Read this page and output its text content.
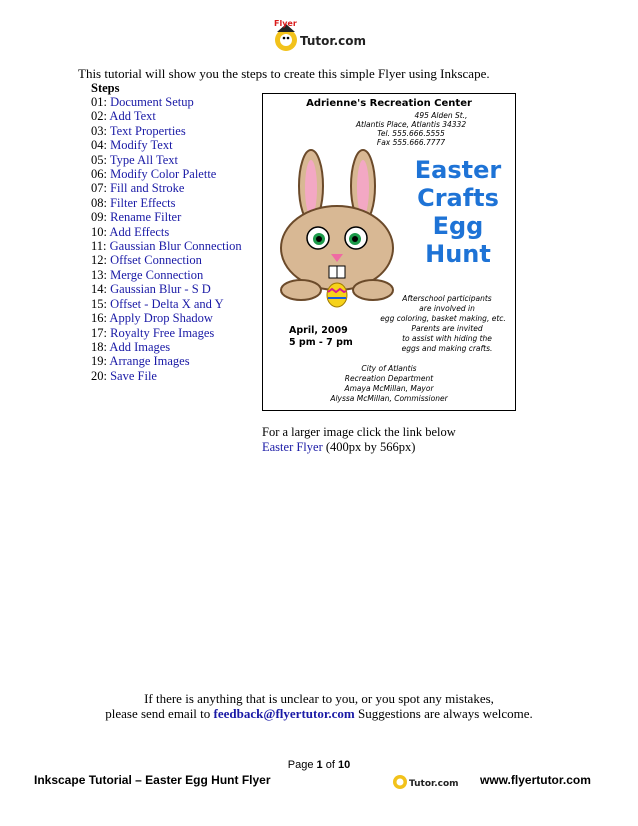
Flyer
Tutor.com
This tutorial will show you the steps to create this simple Flyer using Inkscape.
Steps
01: Document Setup
02: Add Text
03: Text Properties
04: Modify Text
05: Type All Text
06: Modify Color Palette
07: Fill and Stroke
08: Filter Effects
09: Rename Filter
10: Add Effects
11: Gaussian Blur Connection
12: Offset Connection
13: Merge Connection
14: Gaussian Blur - S D
15: Offset - Delta X and Y
16: Apply Drop Shadow
17: Royalty Free Images
18: Add Images
19: Arrange Images
20: Save File
Adrienne's Recreation Center
495 Alden St.,
Atlantis Place, Atlantis 34332
Tel. 555.666.5555
Fax 555.666.7777
Easter
Crafts
Egg
Hunt
Afterschool participants
are involved in
egg coloring, basket making, etc.
Parents are invited
to assist with hiding the
eggs and making crafts.
April, 2009
5 pm - 7 pm
City of Atlantis
Recreation Department
Amaya McMillan, Mayor
Alyssa McMillan, Commissioner
For a larger image click the link below
Easter Flyer (400px by 566px)
If there is anything that is unclear to you, or you spot any mistakes,
please send email to feedback@flyertutor.com Suggestions are always welcome.
Page 1 of 10
Inkscape Tutorial – Easter Egg Hunt Flyer	Tutor.com www.flyertutor.com
